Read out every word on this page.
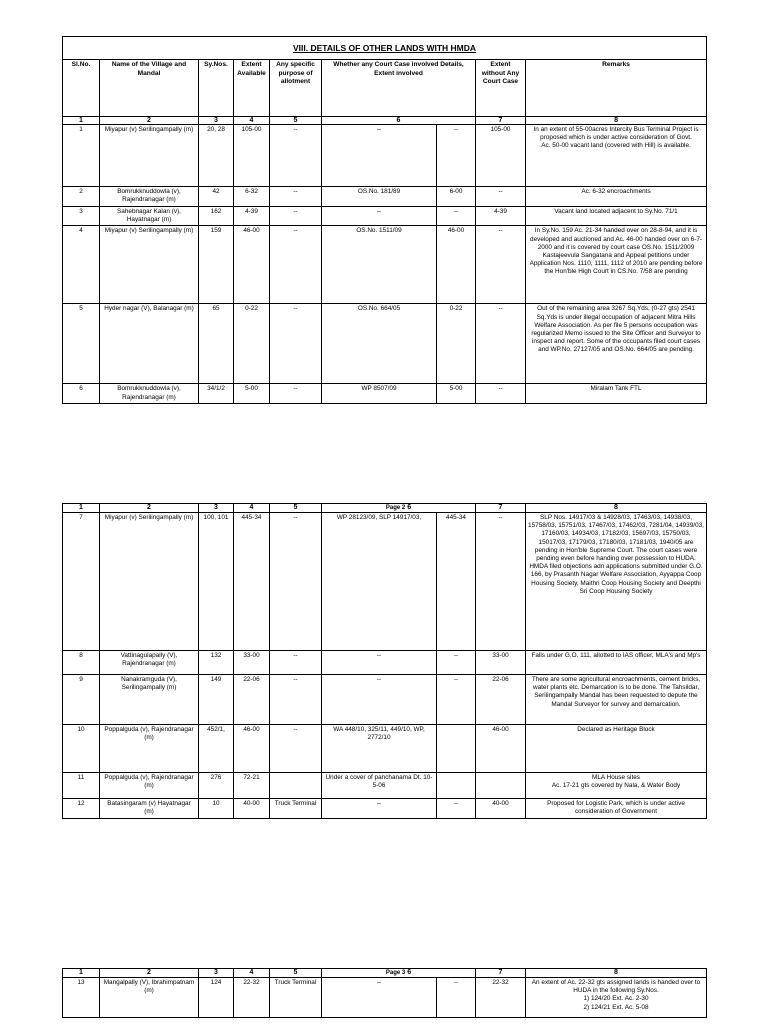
VIII. DETAILS OF OTHER LANDS WITH HMDA								
Sl.No.	Name of the Village and Mandal	Sy.Nos.	Extent Available	Any specific purpose of allotment	Whether any Court Case involved Details, Extent involved		Extent without Any Court Case	Remarks
1	2	3	4	5	6		7	8
1	Miyapur (v) Serilingampally (m)	20, 28	105-00	--	--	--	105-00	In an extent of 55-00acres Intercity Bus Terminal Project is proposed which is under active consideration of Govt.
Ac. 50-00 vacant land (covered with Hill) is available.
2	Bomrukknuddowla (v), Rajendranagar (m)	42	6-32	--	OS.No. 181/89	6-00	--	Ac. 6-32 encroachments
3	Sahebnagar Kalan (v), Hayatnagar (m)	162	4-39	--	--	--	4-39	Vacant land located adjacent to Sy.No. 71/1
4	Miyapur (v) Serilingampally (m)	159	46-00	--	OS.No. 1511/09	46-00	--	In Sy.No. 159 Ac. 21-34 handed over on 28-8-94, and it is developed and auctioned and Ac. 46-00 handed over on 6-7-2000 and it is covered by court case OS.No. 1511/2009 Kastajeevula Sangatana and Appeal petitions under Application Nos. 1110, 1111, 1112 of 2010 are pending before the Hon'ble High Court in CS.No. 7/58 are pending
5	Hyder nagar (V), Balanagar (m)	65	0-22	--	OS.No. 664/05	0-22	--	Out of the remaining area 3267 Sq.Yds, (0-27 gts) 2541 Sq.Yds is under illegal occupation of adjacent Mitra Hills Welfare Association. As per file 5 persons occupation was regularized Memo issued to the Site Officer and Surveyor to inspect and report. Some of the occupants filed court cases and WP.No. 27127/05 and OS.No. 664/05 are pending.
6	Bomrukknuddowla (v), Rajendranagar (m)	34/1/2	5-00	--	WP 8507/09	5-00	--	Miralam Tank FTL
1	2	3	4	5	Page 2 6		7	8
7	Miyapur (v) Serilingampally (m)	100, 101	445-34	--	WP 28123/09, SLP 14917/03,	445-34	--	SLP Nos. 14917/03 & 14928/03, 17463/03, 14938/03, 15758/03, 15751/03, 17467/03, 17462/03, 7281/04, 14939/03, 17160/03, 14934/03, 17182/03, 15697/03, 15750/03, 15017/03, 17179/03, 17180/03, 17181/03, 1940/05 are pending in Hon'ble Supreme Court. The court cases were pending even before handing over possession to HUDA. HMDA filed objections adn applications submitted under G.O. 166, by Prasanth Nagar Welfare Association, Ayyappa Coop Housing Society, Maithri Coop Housing Society and Deepthi Sri Coop Housing Society
8	Vattinagulapally (V), Rajendranagar (m)	132	33-00	--	--	--	33-00	Falls under G.O. 111, allotted to IAS officer, MLA's and Mp's
9	Nanakramguda (V), Serilingampally (m)	149	22-06	--	--	--	22-06	There are some agricultural encroachments, cement bricks, water plants etc. Demarcation is to be done. The Tahsildar, Serilingampally Mandal has been requested to depute the Mandal Surveyor for survey and demarcation.
10	Poppalguda (v), Rajendranagar (m)	452/1,	46-00	--	WA 448/10, 325/11, 449/10, WP, 2772/10		46-00	Declared as Heritage Block
11	Poppalguda (v), Rajendranagar (m)	276	72-21		Under a cover of panchanama Dt. 10-5-06			MLA House sites
Ac. 17-21 gts covered by Nala, & Water Body
12	Batasingaram (v) Hayatnagar (m)	10	40-00	Truck Terminal	--	--	40-00	Proposed for Logistic Park, which is under active consideration of Government
1	2	3	4	5	Page 3 6		7	8
13	Mangalpally (V), Ibrahimpatnam (m)	124	22-32	Truck Terminal	--	--	22-32	An extent of Ac. 22-32 gts assigned lands is handed over to HUDA in the following Sy.Nos.
1) 124/20 Ext. Ac. 2-30
2) 124/21 Ext. Ac. 5-08
